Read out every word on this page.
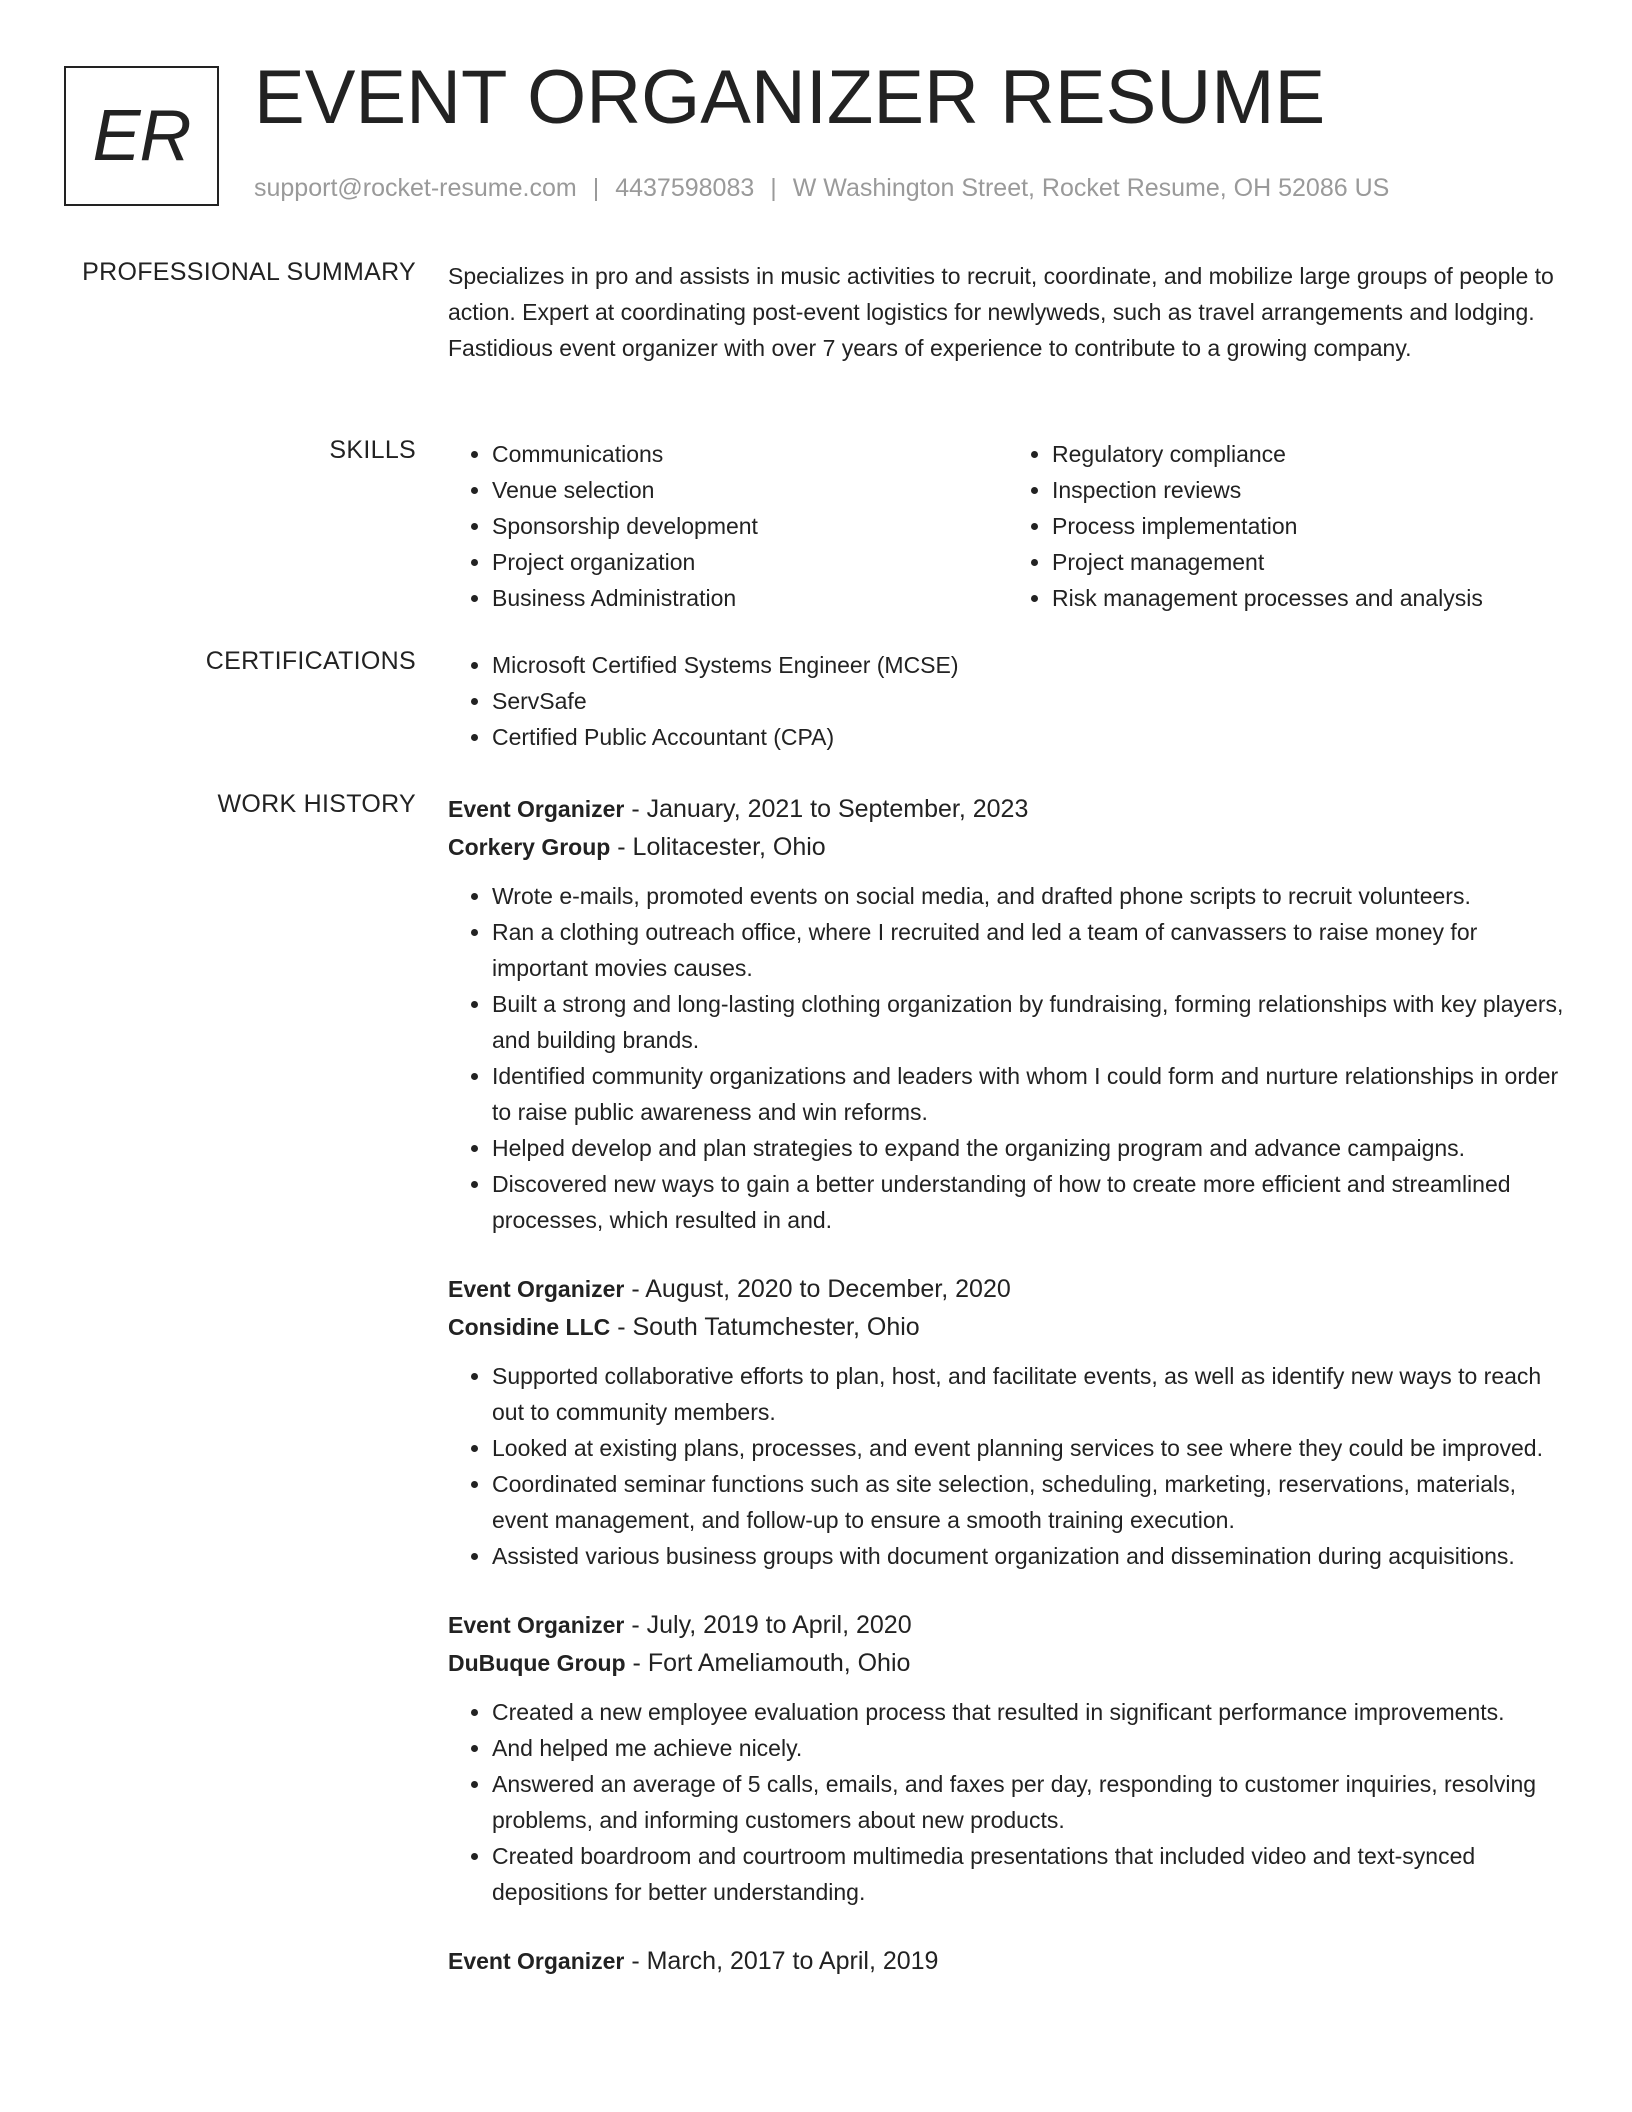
ER EVENT ORGANIZER RESUME
support@rocket-resume.com | 4437598083 | W Washington Street, Rocket Resume, OH 52086 US
PROFESSIONAL SUMMARY Specializes in pro and assists in music activities to recruit, coordinate, and mobilize large groups of people to action. Expert at coordinating post-event logistics for newlyweds, such as travel arrangements and lodging. Fastidious event organizer with over 7 years of experience to contribute to a growing company.

SKILLS	• Communications
• Venue selection
• Sponsorship development
• Project organization
• Business Administration
• Regulatory compliance
• Inspection reviews
• Process implementation
• Project management
• Risk management processes and analysis
CERTIFICATIONS	• Microsoft Certified Systems Engineer (MCSE)
• ServSafe
• Certified Public Accountant (CPA)
WORK HISTORY Event Organizer - January, 2021 to September, 2023
Corkery Group - Lolitacester, Ohio
• Wrote e-mails, promoted events on social media, and drafted phone scripts to recruit volunteers.
• Ran a clothing outreach office, where I recruited and led a team of canvassers to raise money for important movies causes.
• Built a strong and long-lasting clothing organization by fundraising, forming relationships with key players, and building brands.
• Identified community organizations and leaders with whom I could form and nurture relationships in order to raise public awareness and win reforms.
• Helped develop and plan strategies to expand the organizing program and advance campaigns.
• Discovered new ways to gain a better understanding of how to create more efficient and streamlined processes, which resulted in and.
Event Organizer - August, 2020 to December, 2020
Considine LLC - South Tatumchester, Ohio
• Supported collaborative efforts to plan, host, and facilitate events, as well as identify new ways to reach out to community members.
• Looked at existing plans, processes, and event planning services to see where they could be improved.
• Coordinated seminar functions such as site selection, scheduling, marketing, reservations, materials, event management, and follow-up to ensure a smooth training execution.
• Assisted various business groups with document organization and dissemination during acquisitions.
Event Organizer - July, 2019 to April, 2020
DuBuque Group - Fort Ameliamouth, Ohio
• Created a new employee evaluation process that resulted in significant performance improvements.
• And helped me achieve nicely.
• Answered an average of 5 calls, emails, and faxes per day, responding to customer inquiries, resolving problems, and informing customers about new products.
• Created boardroom and courtroom multimedia presentations that included video and text-synced depositions for better understanding.
Event Organizer - March, 2017 to April, 2019
